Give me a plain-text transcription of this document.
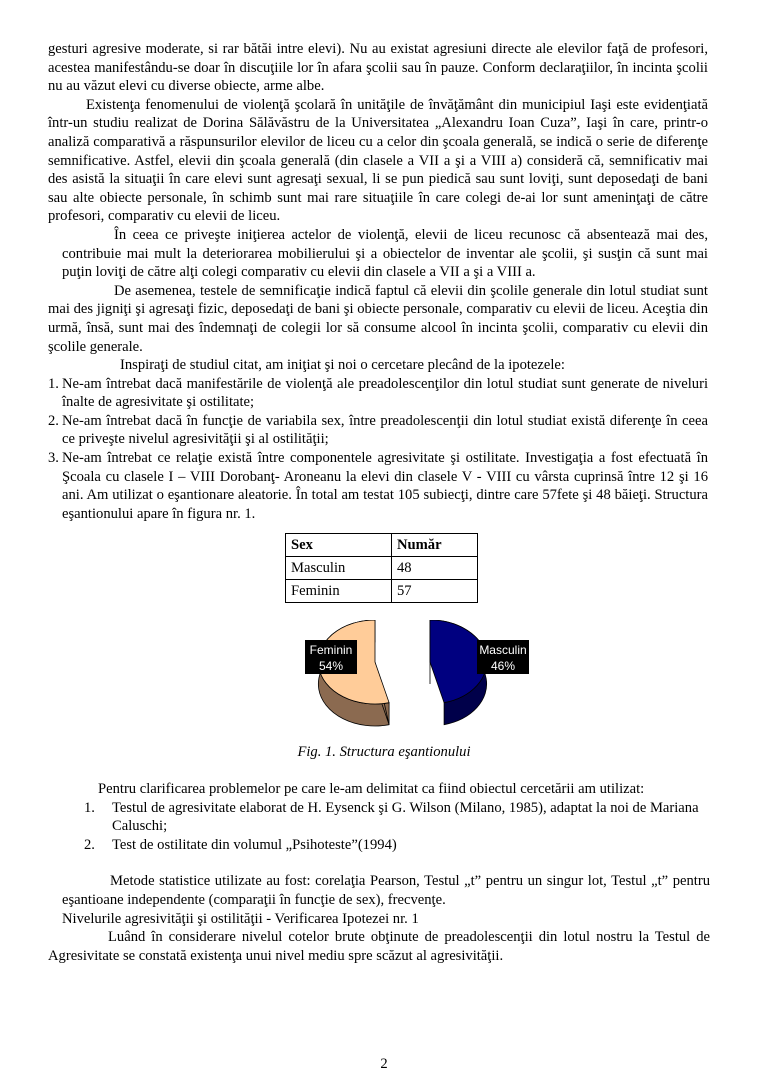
gesturi agresive moderate, si rar bătăi intre elevi). Nu au existat agresiuni directe ale elevilor faţă de profesori, acestea manifestându-se doar în discuţiile lor în afara şcolii sau în pauze. Conform declaraţiilor, în incinta şcolii nu au văzut elevi cu diverse obiecte, arme albe.

Existenţa fenomenului de violenţă şcolară în unităţile de învăţământ din municipiul Iaşi este evidenţiată într-un studiu realizat de Dorina Sălăvăstru de la Universitatea „Alexandru Ioan Cuza”, Iaşi în care, printr-o analiză comparativă a răspunsurilor elevilor de liceu cu a celor din şcoala generală, se indică o serie de diferenţe semnificative. Astfel, elevii din şcoala generală (din clasele a VII a şi a VIII a) consideră că, semnificativ mai des asistă la situaţii în care elevi sunt agresaţi sexual, li se pun piedică sau sunt loviţi, sunt deposedaţi de bani sau alte obiecte personale, în schimb sunt mai rare situaţiile în care colegi de-ai lor sunt ameninţaţi de către profesori, comparativ cu elevii de liceu.

În ceea ce priveşte iniţierea actelor de violenţă, elevii de liceu recunosc că absentează mai des, contribuie mai mult la deteriorarea mobilierului şi a obiectelor de inventar ale şcolii, şi susţin că sunt mai puţin loviţi de către alţi colegi comparativ cu elevii din clasele a VII a şi a VIII a.

De asemenea, testele de semnificaţie indică faptul că elevii din şcolile generale din lotul studiat sunt mai des jigniţi şi agresaţi fizic, deposedaţi de bani şi obiecte personale, comparativ cu elevii de liceu. Aceştia din urmă, însă, sunt mai des îndemnaţi de colegii lor să consume alcool în incinta şcolii, comparativ cu elevii din şcolile generale.

Inspiraţi de studiul citat, am iniţiat şi noi o cercetare plecând de la ipotezele:

1. Ne-am întrebat dacă manifestările de violenţă ale preadolescenţilor din lotul studiat sunt generate de niveluri înalte de agresivitate şi ostilitate;
2. Ne-am întrebat dacă în funcţie de variabila sex, între preadolescenţii din lotul studiat există diferenţe în ceea ce priveşte nivelul agresivităţii şi al ostilităţii;
3. Ne-am întrebat ce relaţie există între componentele agresivitate şi ostilitate. Investigaţia a fost efectuată în Şcoala cu clasele I – VIII Dorobanţ- Aroneanu la elevi din clasele V - VIII cu vârsta cuprinsă între 12 şi 16 ani. Am utilizat o eşantionare aleatorie. În total am testat 105 subiecţi, dintre care 57fete şi 48 băieţi. Structura eşantionului apare în figura nr. 1.
Sex	Număr
Masculin	48
Feminin	57
Feminin
54%
Masculin
46%
Fig. 1. Structura eşantionului

Pentru clarificarea problemelor pe care le-am delimitat ca fiind obiectul cercetării am utilizat:

1.	Testul de agresivitate elaborat de H. Eysenck şi G. Wilson (Milano, 1985), adaptat la noi de Mariana Caluschi;
2.	Test de ostilitate din volumul „Psihoteste”(1994)

Metode statistice utilizate au fost: corelaţia Pearson, Testul „t” pentru un singur lot, Testul „t” pentru eşantioane independente (comparaţii în funcţie de sex), frecvenţe.

Nivelurile agresivităţii şi ostilităţii - Verificarea Ipotezei nr. 1

Luând în considerare nivelul cotelor brute obţinute de preadolescenţii din lotul nostru la Testul de Agresivitate se constată existenţa unui nivel mediu spre scăzut al agresivităţii.

2
